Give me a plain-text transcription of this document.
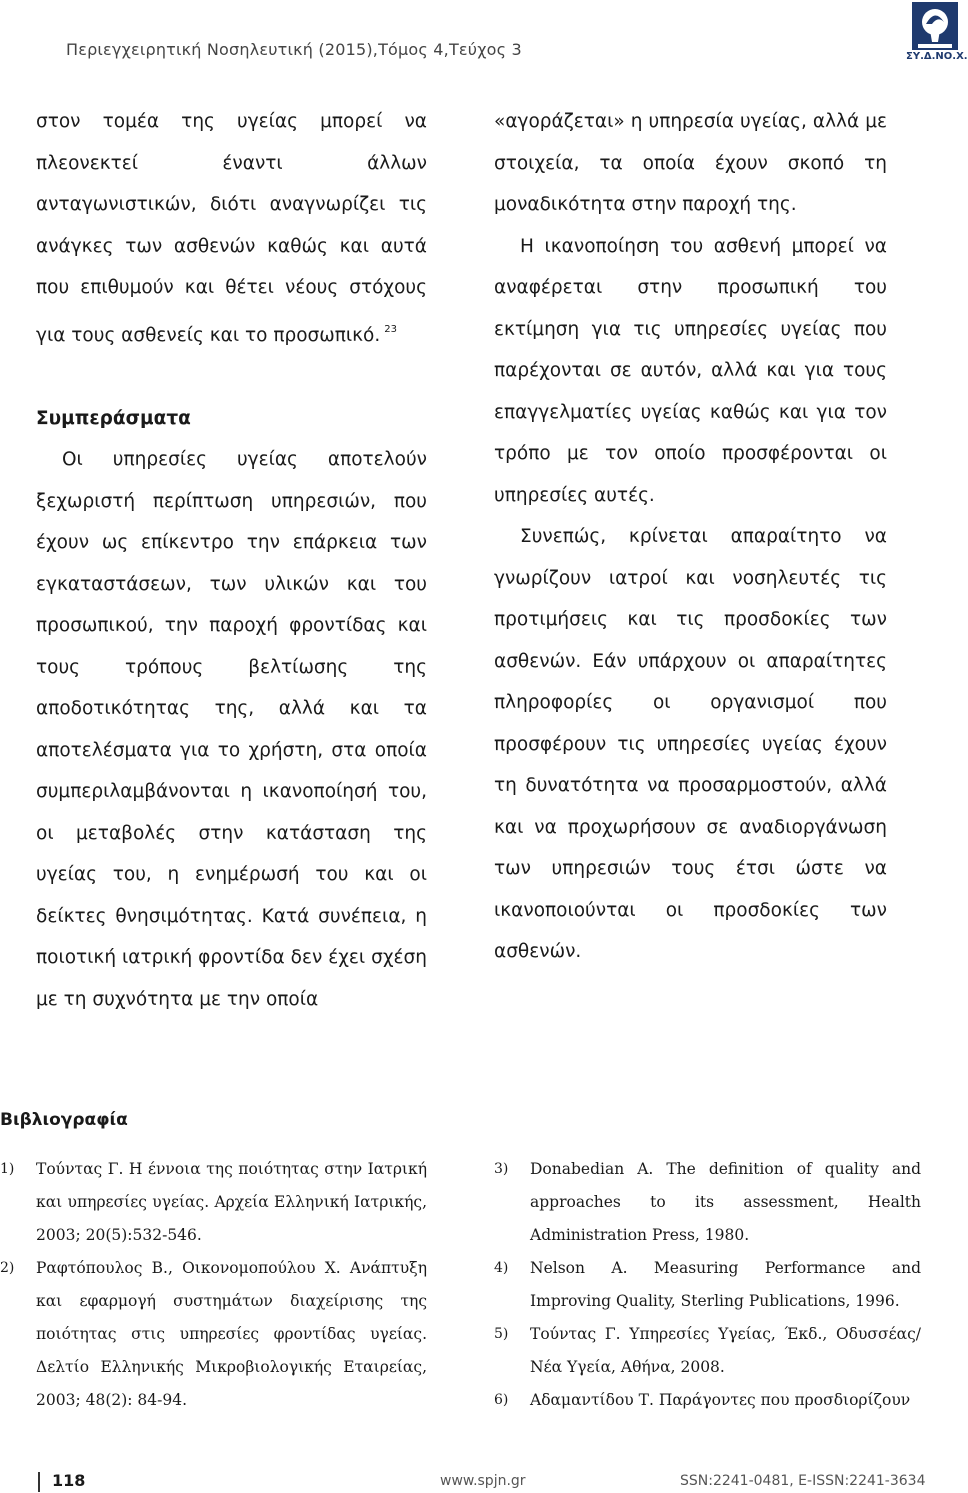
Περιεγχειρητική Νοσηλευτική (2015),Τόμος 4,Τεύχος 3	ΣΥ.Δ.ΝΟ.Χ.

στον τομέα της υγείας μπορεί να πλεονεκτεί έναντι άλλων ανταγωνιστικών, διότι αναγνωρίζει τις ανάγκες των ασθενών καθώς και αυτά που επιθυμούν και θέτει νέους στόχους για τους ασθενείς και το προσωπικό. $^{23}$

Συμπεράσματα

Οι υπηρεσίες υγείας αποτελούν ξεχωριστή περίπτωση υπηρεσιών, που έχουν ως επίκεντρο την επάρκεια των εγκαταστάσεων, των υλικών και του προσωπικού, την παροχή φροντίδας και τους τρόπους βελτίωσης της αποδοτικότητας της, αλλά και τα αποτελέσματα για το χρήστη, στα οποία συμπεριλαμβάνονται η ικανοποίησή του, οι μεταβολές στην κατάσταση της υγείας του, η ενημέρωσή του και οι δείκτες θνησιμότητας. Κατά συνέπεια, η ποιοτική ιατρική φροντίδα δεν έχει σχέση με τη συχνότητα με την οποία

«αγοράζεται» η υπηρεσία υγείας, αλλά με στοιχεία, τα οποία έχουν σκοπό τη μοναδικότητα στην παροχή της.

Η ικανοποίηση του ασθενή μπορεί να αναφέρεται στην προσωπική του εκτίμηση για τις υπηρεσίες υγείας που παρέχονται σε αυτόν, αλλά και για τους επαγγελματίες υγείας καθώς και για τον τρόπο με τον οποίο προσφέρονται οι υπηρεσίες αυτές.

Συνεπώς, κρίνεται απαραίτητο να γνωρίζουν ιατροί και νοσηλευτές τις προτιμήσεις και τις προσδοκίες των ασθενών. Εάν υπάρχουν οι απαραίτητες πληροφορίες οι οργανισμοί που προσφέρουν τις υπηρεσίες υγείας έχουν τη δυνατότητα να προσαρμοστούν, αλλά και να προχωρήσουν σε αναδιοργάνωση των υπηρεσιών τους έτσι ώστε να ικανοποιούνται οι προσδοκίες των ασθενών.

Βιβλιογραφία
1)	Τούντας Γ. Η έννοια της ποιότητας στην Ιατρική και υπηρεσίες υγείας. Αρχεία Ελληνική Ιατρικής, 2003; 20(5):532-546.
2)	Ραφτόπουλος Β., Οικονομοπούλου Χ. Ανάπτυξη και εφαρμογή συστημάτων διαχείρισης της ποιότητας στις υπηρεσίες φροντίδας υγείας. Δελτίο Ελληνικής Μικροβιολογικής Εταιρείας, 2003; 48(2): 84-94.
3)	Donabedian A. The definition of quality and approaches to its assessment, Health Administration Press, 1980.
4)	Nelson A. Measuring Performance and Improving Quality, Sterling Publications, 1996.
5)	Τούντας Γ. Υπηρεσίες Υγείας, Έκδ., Οδυσσέας/ Νέα Υγεία, Αθήνα, 2008.
6)	Αδαμαντίδου Τ. Παράγοντες που προσδιορίζουν
118	www.spjn.gr	SSN:2241-0481, E-ISSN:2241-3634
